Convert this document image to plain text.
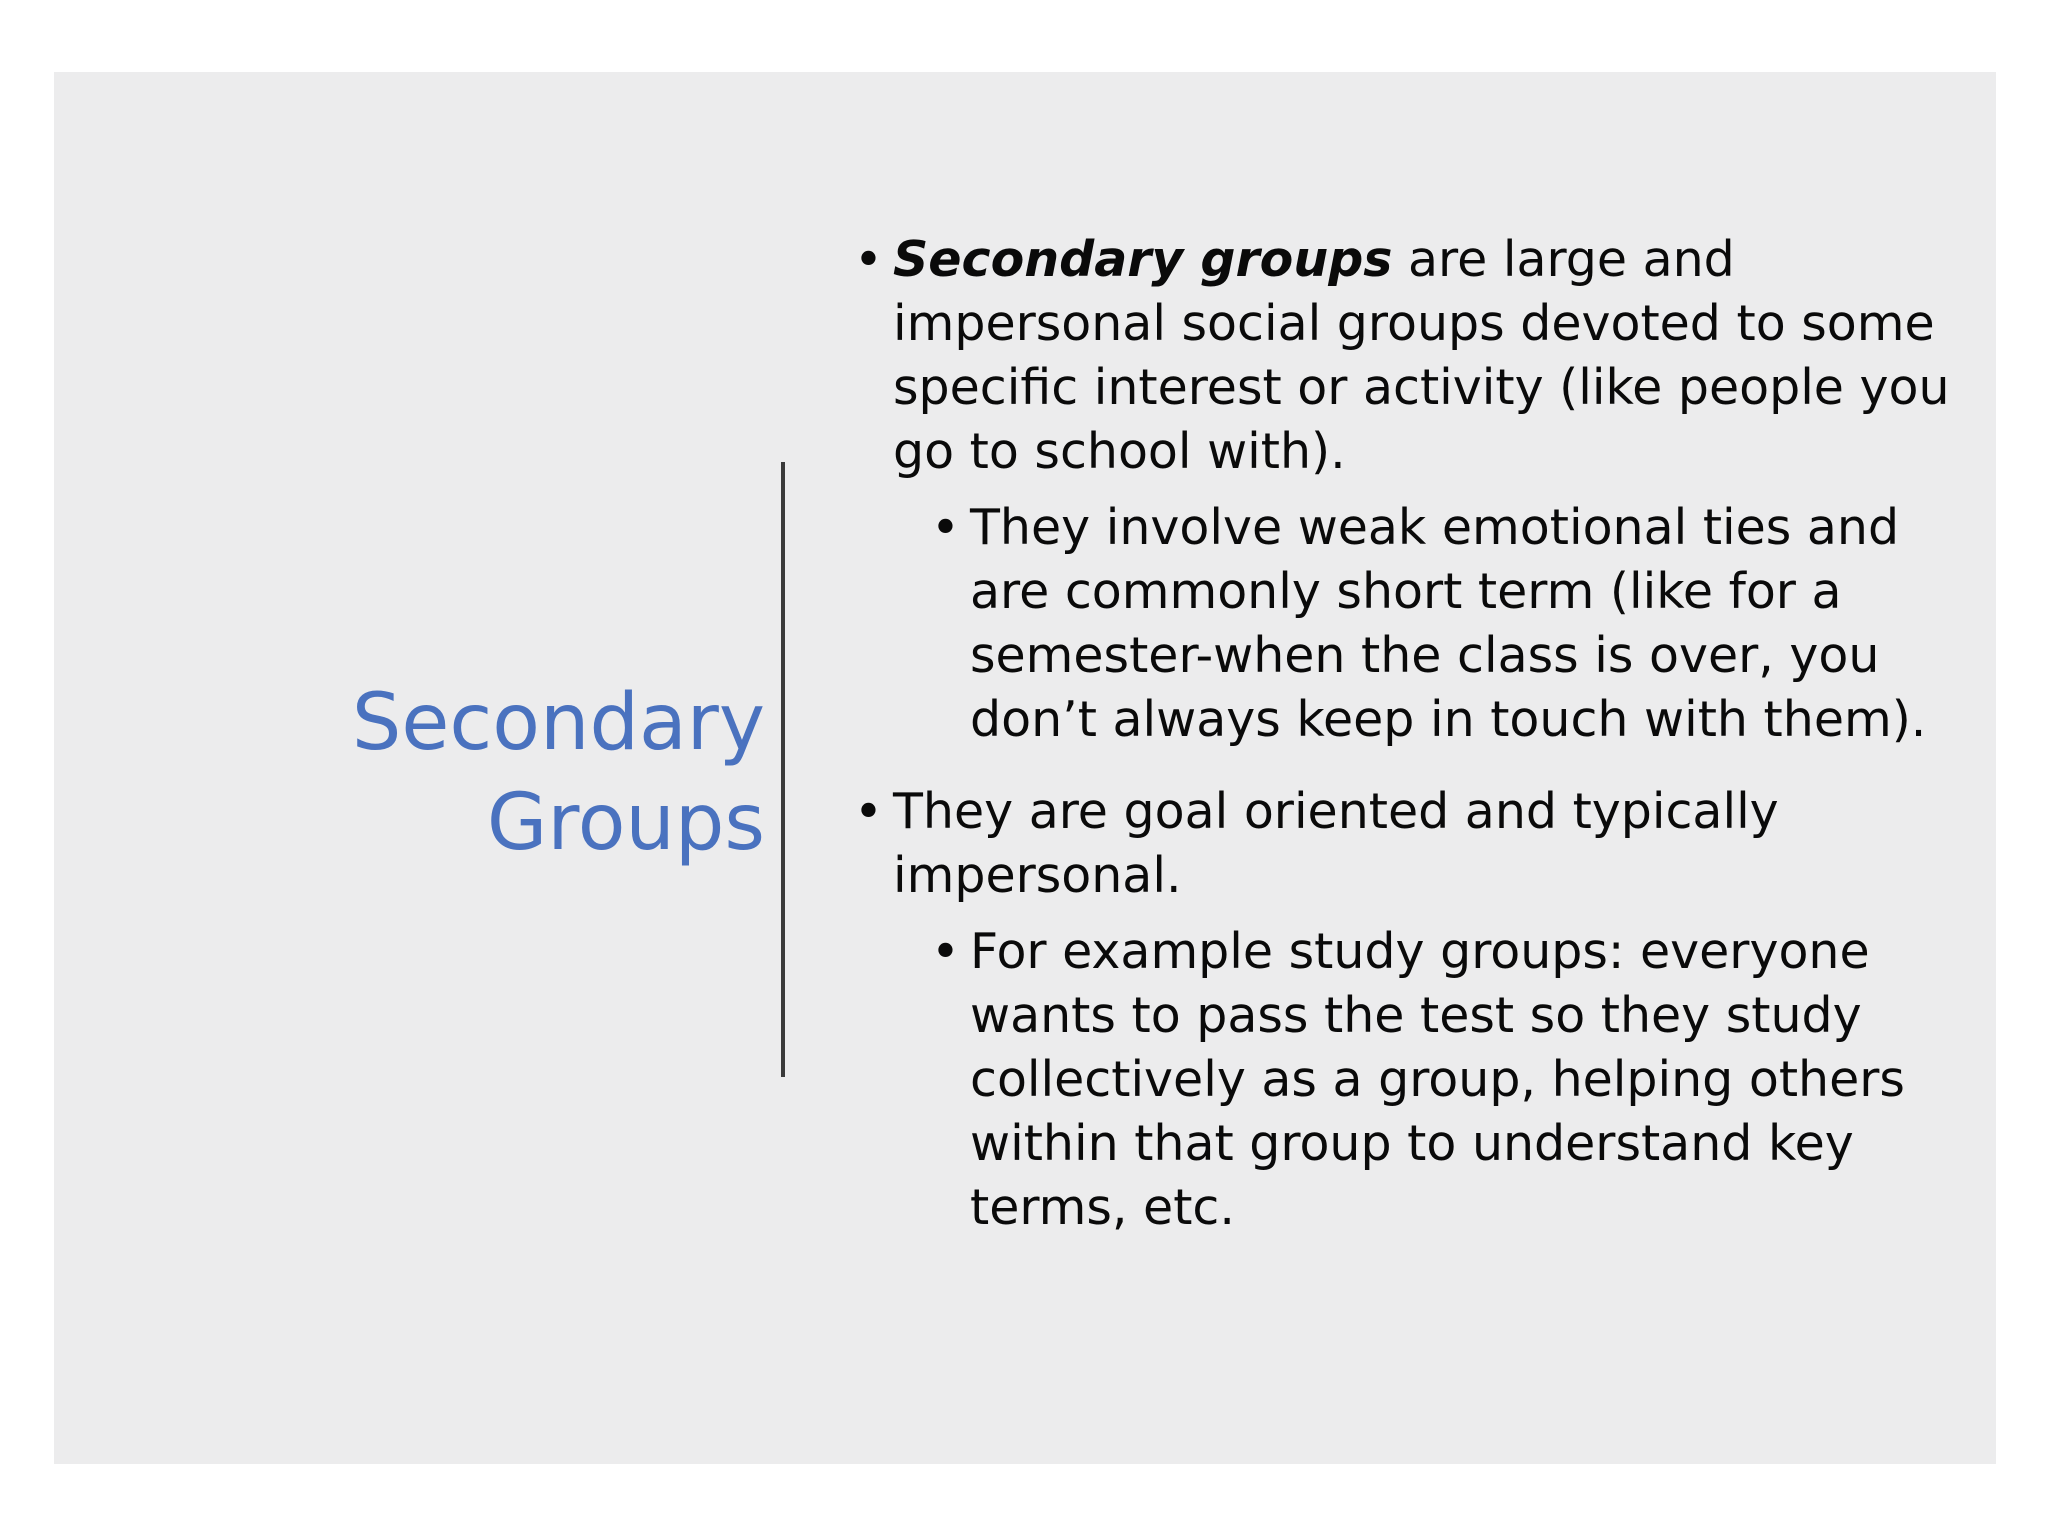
Secondary
Groups
• Secondary groups are large and impersonal social groups devoted to some specific interest or activity (like people you go to school with).
• They involve weak emotional ties and are commonly short term (like for a semester-when the class is over, you don’t always keep in touch with them).
• They are goal oriented and typically impersonal.
• For example study groups: everyone wants to pass the test so they study collectively as a group, helping others within that group to understand key terms, etc.
